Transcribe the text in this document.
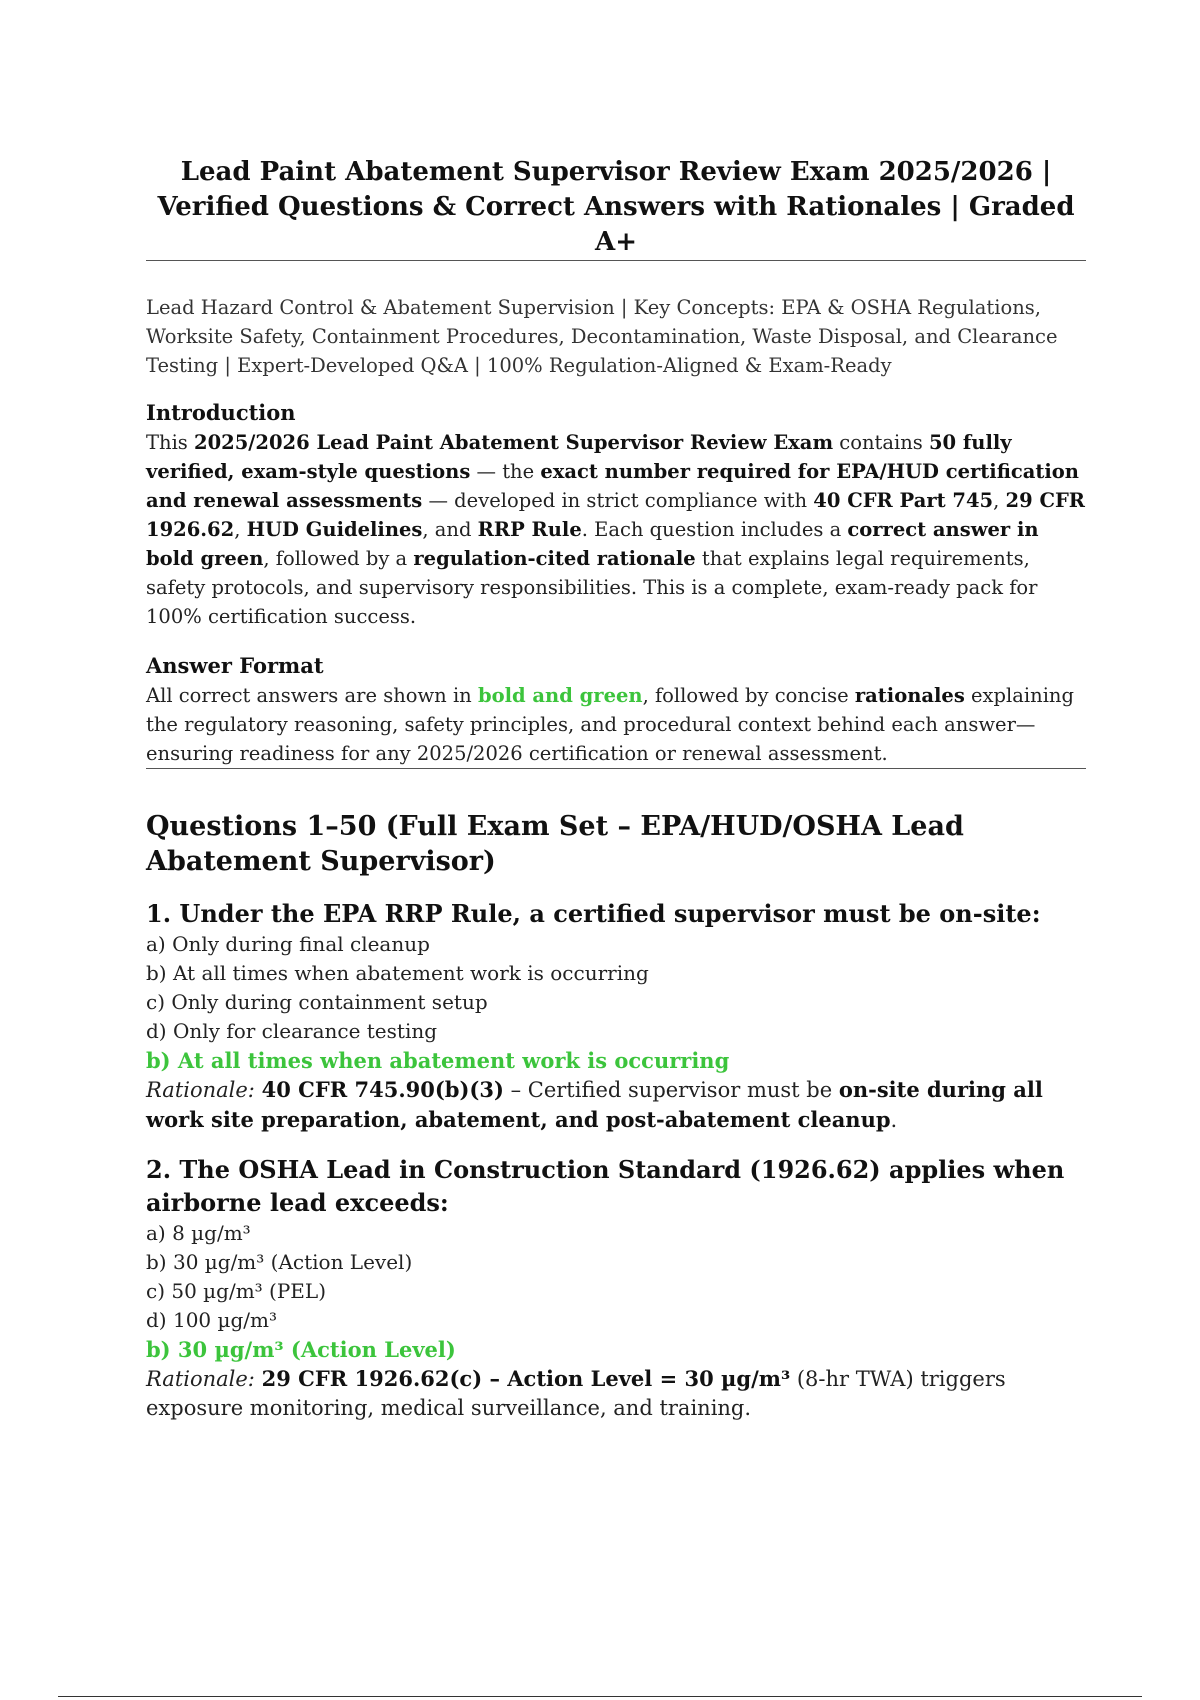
Lead Paint Abatement Supervisor Review Exam 2025/2026 | Verified Questions & Correct Answers with Rationales | Graded A+

Lead Hazard Control & Abatement Supervision | Key Concepts: EPA & OSHA Regulations, Worksite Safety, Containment Procedures, Decontamination, Waste Disposal, and Clearance Testing | Expert-Developed Q&A | 100% Regulation-Aligned & Exam-Ready

Introduction

This 2025/2026 Lead Paint Abatement Supervisor Review Exam contains 50 fully verified, exam-style questions — the exact number required for EPA/HUD certification and renewal assessments — developed in strict compliance with 40 CFR Part 745, 29 CFR 1926.62, HUD Guidelines, and RRP Rule. Each question includes a correct answer in bold green, followed by a regulation-cited rationale that explains legal requirements, safety protocols, and supervisory responsibilities. This is a complete, exam-ready pack for 100% certification success.

Answer Format

All correct answers are shown in bold and green, followed by concise rationales explaining the regulatory reasoning, safety principles, and procedural context behind each answer—ensuring readiness for any 2025/2026 certification or renewal assessment.

Questions 1–50 (Full Exam Set – EPA/HUD/OSHA Lead Abatement Supervisor)
1. Under the EPA RRP Rule, a certified supervisor must be on-site:

a) Only during final cleanup

b) At all times when abatement work is occurring

c) Only during containment setup

d) Only for clearance testing

b) At all times when abatement work is occurring

Rationale: 40 CFR 745.90(b)(3) – Certified supervisor must be on-site during all work site preparation, abatement, and post-abatement cleanup.

2. The OSHA Lead in Construction Standard (1926.62) applies when airborne lead exceeds:

a) 8 µg/m³

b) 30 µg/m³ (Action Level)

c) 50 µg/m³ (PEL)

d) 100 µg/m³

b) 30 µg/m³ (Action Level)

Rationale: 29 CFR 1926.62(c) – Action Level = 30 µg/m³ (8-hr TWA) triggers exposure monitoring, medical surveillance, and training.
